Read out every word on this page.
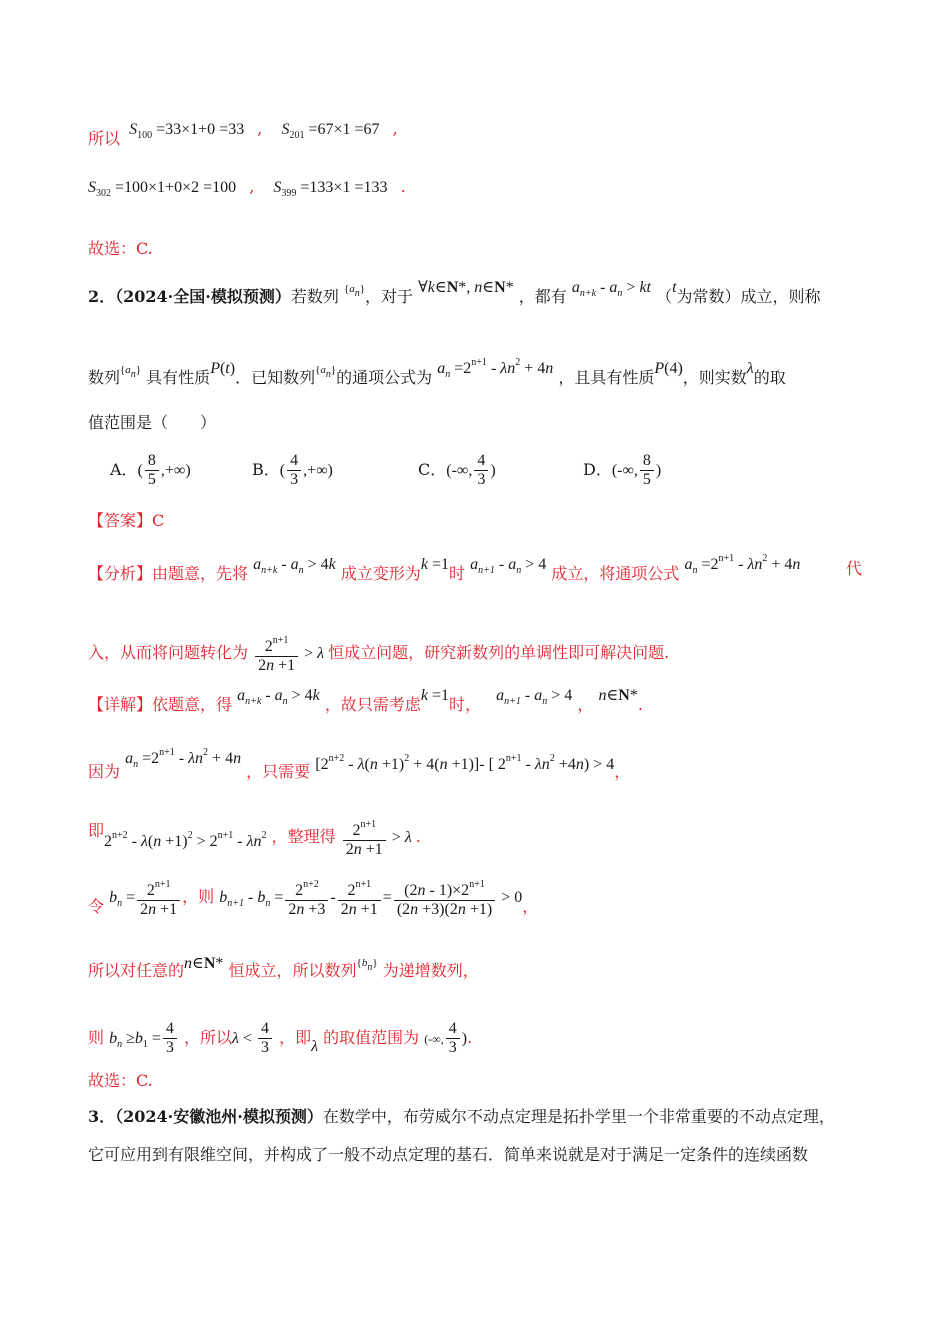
所以 $S_{100} =33\times 1+0 =33$ , $S_{201} =67\times 1 =67$ ,
$S_{302} =100\times 1+0\times 2 =100$ , $S_{399} =133\times 1 =133$ .
故选：C.
2．（2024·全国·模拟预测）若数列 $^{\{an\}}$，对于 ∀k∈N*, n∈N* ，都有 $a_{n+k} - a_n$ > kt （t为常数）成立，则称
数列$^{\{an\}}$ 具有性质P(t)．已知数列$^{\{an\}}$的通项公式为 $a_n =2^{n+1} - \lambda n^2 + 4n$ ，且具有性质P(4)，则实数λ的取
值范围是（　　）
A．( $\frac{8}{5}$ ,+∞)	B．( $\frac{4}{3}$ ,+∞)	C．(-∞, $\frac{4}{3}$ )	D．(-∞, $\frac{8}{5}$ )
【答案】C
【分析】由题意，先将 $a_{n+k} - a_n > 4k$ 成立变形为k =1时 $a_{n+1} - a_n > 4$ 成立，将通项公式 $a_n =2^{n+1} - \lambda n^2 + 4n$	代
入，从而将问题转化为 $\frac{2^{n+1}}{2n +1} > \lambda$ 恒成立问题，研究新数列的单调性即可解决问题.
【详解】依题意，得 $a_{n+k} - a_n > 4k$ ，故只需考虑k =1时， $a_{n+1} - a_n > 4$ ， n∈N*.
因为 $a_n =2^{n+1} - \lambda n^2 + 4n$ ，只需要 $[2^{n+2} - \lambda(n +1)^2 + 4(n +1)]-$ [ $2^{n+1} - \lambda n^2 +4n) > 4$，
即$2^{n+2} - \lambda(n +1)^2 > 2^{n+1} - \lambda n^2$ ，整理得 $\frac{2^{n+1}}{2n +1} > \lambda$ .
令 $b_n = \frac{2^{n+1}}{2n +1}$ ，则 $b_{n+1} - b_n = \frac{2^{n+2}}{2n +3} - \frac{2^{n+1}}{2n +1} = \frac{(2n - 1)\times 2^{n+1}}{(2n +3)(2n +1)} > 0$，
所以对任意的n∈N* 恒成立，所以数列$^{\{bn\}}$ 为递增数列，
则 $b_n \ge b_1 = \frac{4}{3}$ ，所以$\lambda < \frac{4}{3}$ ，即λ 的取值范围为 (-∞, $\frac{4}{3}$ ).
故选：C.
3．（2024·安徽池州·模拟预测）在数学中，布劳威尔不动点定理是拓扑学里一个非常重要的不动点定理，
它可应用到有限维空间，并构成了一般不动点定理的基石．简单来说就是对于满足一定条件的连续函数
